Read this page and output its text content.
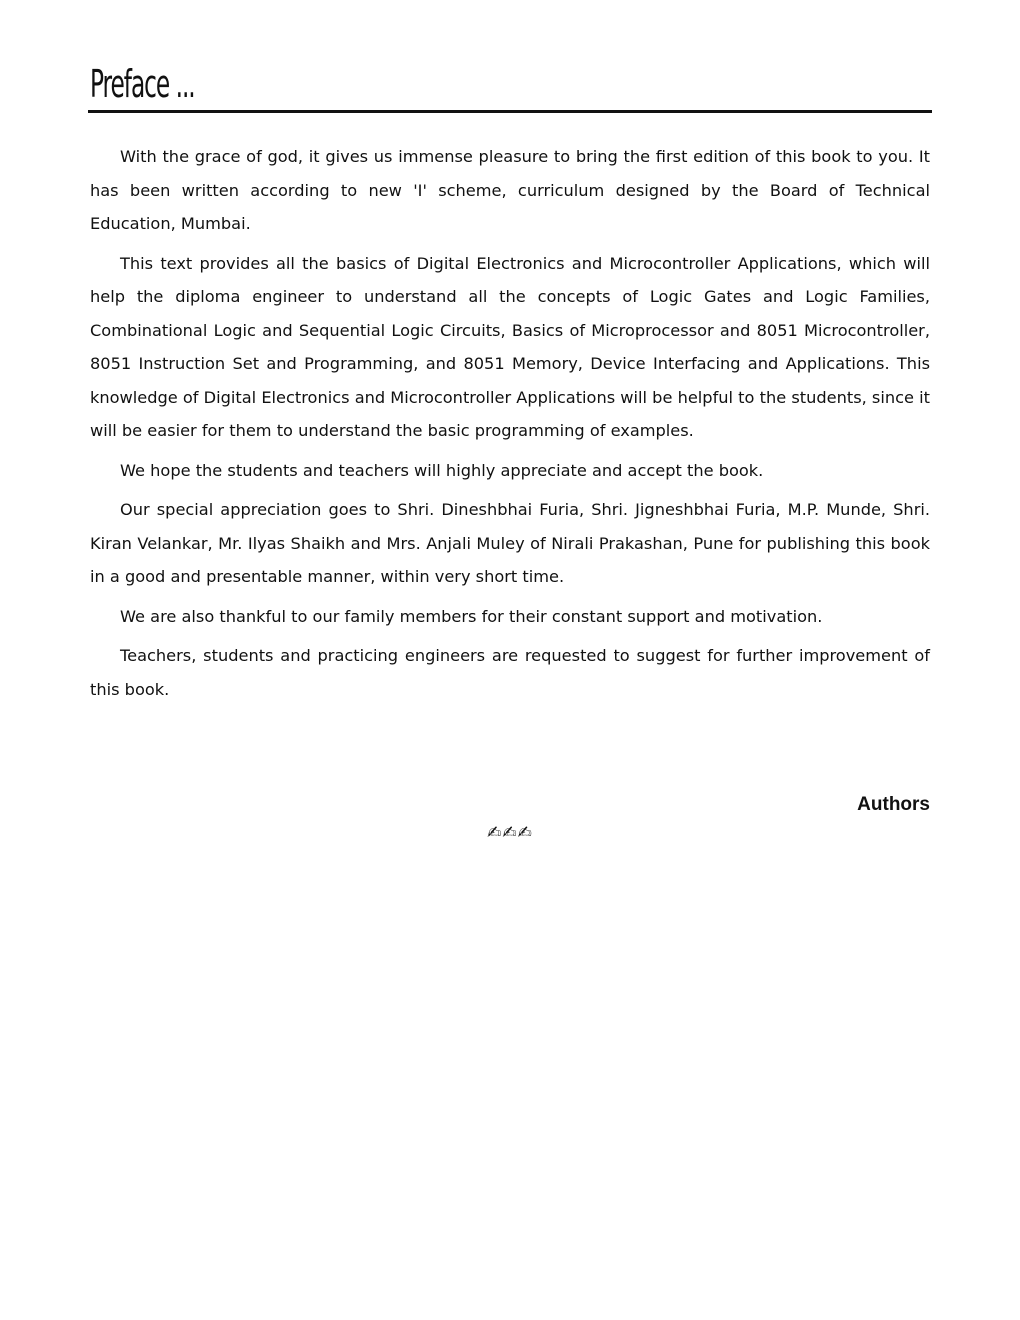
Preface ...

With the grace of god, it gives us immense pleasure to bring the first edition of this book to you. It has been written according to new 'I' scheme, curriculum designed by the Board of Technical Education, Mumbai.

This text provides all the basics of Digital Electronics and Microcontroller Applications, which will help the diploma engineer to understand all the concepts of Logic Gates and Logic Families, Combinational Logic and Sequential Logic Circuits, Basics of Microprocessor and 8051 Microcontroller, 8051 Instruction Set and Programming, and 8051 Memory, Device Interfacing and Applications. This knowledge of Digital Electronics and Microcontroller Applications will be helpful to the students, since it will be easier for them to understand the basic programming of examples.

We hope the students and teachers will highly appreciate and accept the book.

Our special appreciation goes to Shri. Dineshbhai Furia, Shri. Jigneshbhai Furia, M.P. Munde, Shri. Kiran Velankar, Mr. Ilyas Shaikh and Mrs. Anjali Muley of Nirali Prakashan, Pune for publishing this book in a good and presentable manner, within very short time.

We are also thankful to our family members for their constant support and motivation.

Teachers, students and practicing engineers are requested to suggest for further improvement of this book.

Authors
✍✍✍
